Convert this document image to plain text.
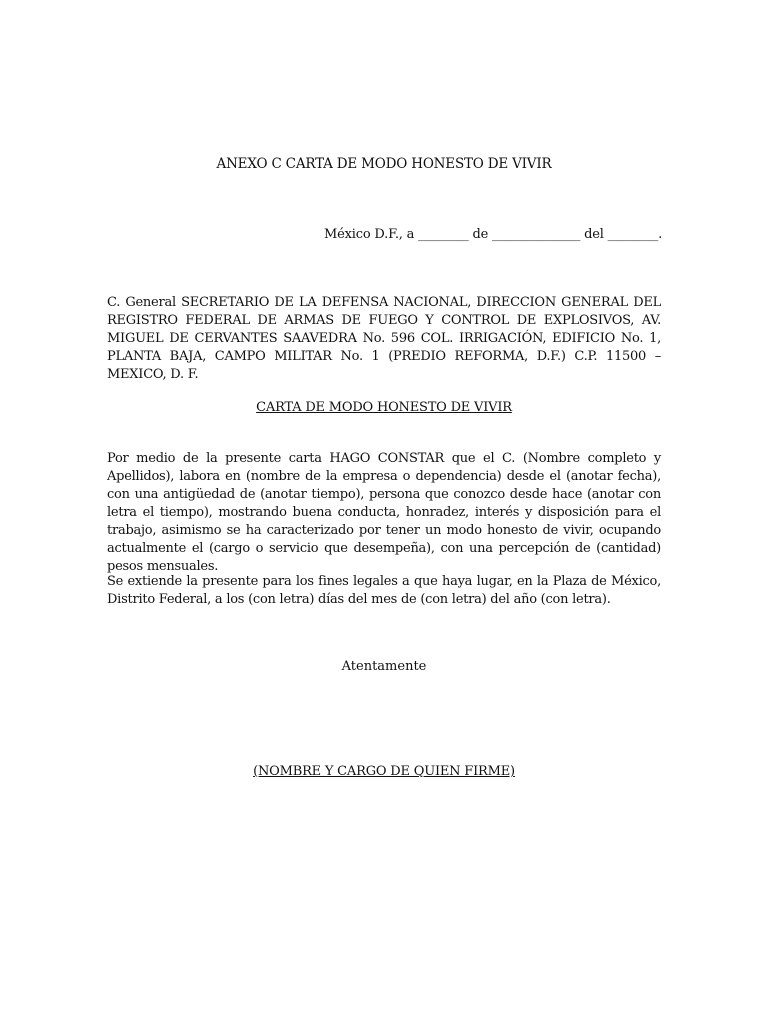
ANEXO C CARTA DE MODO HONESTO DE VIVIR
México D.F., a ________ de ______________ del ________.
C. General SECRETARIO DE LA DEFENSA NACIONAL, DIRECCION GENERAL DEL REGISTRO FEDERAL DE ARMAS DE FUEGO Y CONTROL DE EXPLOSIVOS, AV. MIGUEL DE CERVANTES SAAVEDRA No. 596 COL. IRRIGACIÓN, EDIFICIO No. 1, PLANTA BAJA, CAMPO MILITAR No. 1 (PREDIO REFORMA, D.F.) C.P. 11500 – MEXICO, D. F.
CARTA DE MODO HONESTO DE VIVIR
Por medio de la presente carta HAGO CONSTAR que el C. (Nombre completo y Apellidos), labora en (nombre de la empresa o dependencia) desde el (anotar fecha), con una antigüedad de (anotar tiempo), persona que conozco desde hace (anotar con letra el tiempo), mostrando buena conducta, honradez, interés y disposición para el trabajo, asimismo se ha caracterizado por tener un modo honesto de vivir, ocupando actualmente el (cargo o servicio que desempeña), con una percepción de (cantidad) pesos mensuales.
Se extiende la presente para los fines legales a que haya lugar, en la Plaza de México, Distrito Federal, a los (con letra) días del mes de (con letra) del año (con letra).
Atentamente
(NOMBRE Y CARGO DE QUIEN FIRME)
